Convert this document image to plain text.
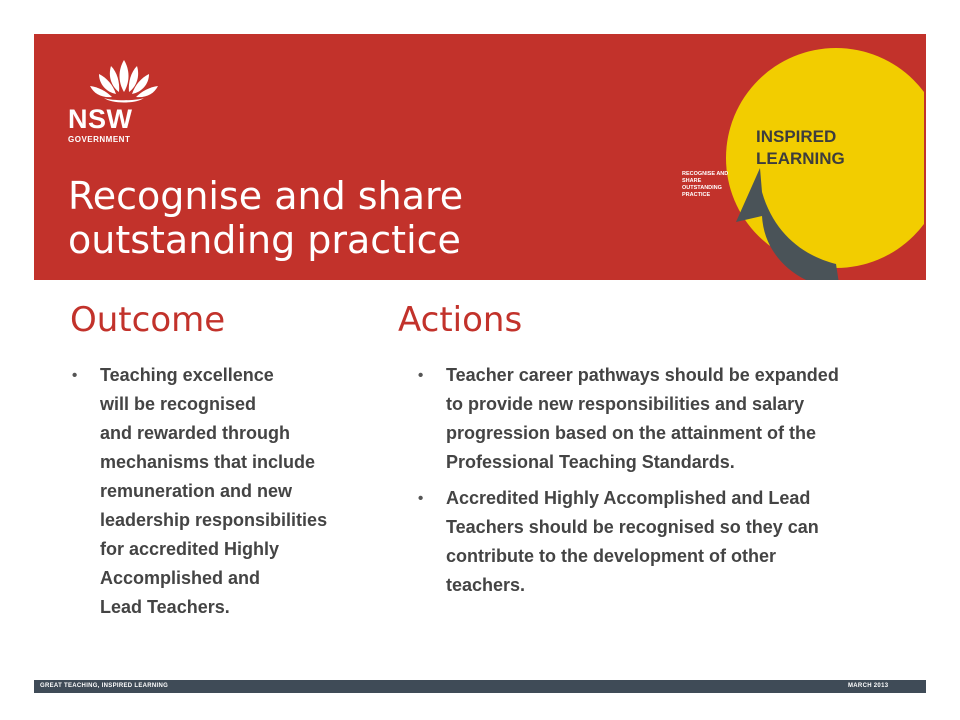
NSW
GOVERNMENT
Recognise and share
outstanding practice
INSPIRED LEARNING
RECOGNISE AND SHARE OUTSTANDING PRACTICE
Outcome	Actions
• Teaching excellence
will be recognised
and rewarded through
mechanisms that include
remuneration and new
leadership responsibilities
for accredited Highly
Accomplished and
Lead Teachers.
• Teacher career pathways should be expanded to provide new responsibilities and salary progression based on the attainment of the Professional Teaching Standards.
• Accredited Highly Accomplished and Lead Teachers should be recognised so they can contribute to the development of other teachers.
GREAT TEACHING, INSPIRED LEARNING	MARCH 2013
